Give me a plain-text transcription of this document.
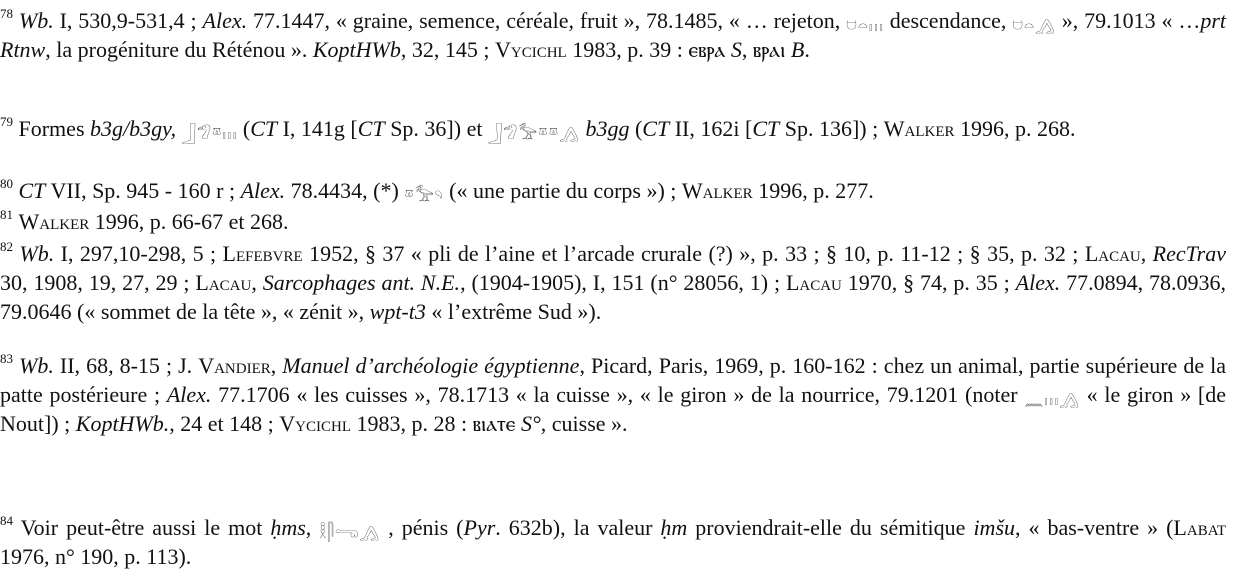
$^{78}$ Wb. I, 530,9-531,4 ; Alex. 77.1447, « graine, semence, céréale, fruit », 78.1485, « … rejeton, 𓈟𓏏𓏥 descendance, 𓈟𓏏𓂻 », 79.1013 « …prt Rtnw, la progéniture du Réténou ». KoptHWb, 32, 145 ; Vycichl 1983, p. 39 : ⲉⲃⲣⲁ S, ⲃⲣⲁⲓ B.

$^{79}$ Formes b3g/b3gy, 𓃀𓅿𓎼𓏥 (CT I, 141g [CT Sp. 36]) et 𓃀𓅿𓅡𓎼𓎼𓂻 b3gg (CT II, 162i [CT Sp. 136]) ; Walker 1996, p. 268.

$^{80}$ CT VII, Sp. 945 - 160 r ; Alex. 78.4434, (*) 𓎼𓅡𓄹 (« une partie du corps ») ; Walker 1996, p. 277.

$^{81}$ Walker 1996, p. 66-67 et 268.

$^{82}$ Wb. I, 297,10-298, 5 ; Lefebvre 1952, § 37 « pli de l’aine et l’arcade crurale (?) », p. 33 ; § 10, p. 11-12 ; § 35, p. 32 ; Lacau, RecTrav 30, 1908, 19, 27, 29 ; Lacau, Sarcophages ant. N.E., (1904-1905), I, 151 (n° 28056, 1) ; Lacau 1970, § 74, p. 35 ; Alex. 77.0894, 78.0936, 79.0646 (« sommet de la tête », « zénit », wpt-t3 « l’extrême Sud »).

$^{83}$ Wb. II, 68, 8-15 ; J. Vandier, Manuel d’archéologie égyptienne, Picard, Paris, 1969, p. 160-162 : chez un animal, partie supérieure de la patte postérieure ; Alex. 77.1706 « les cuisses », 78.1713 « la cuisse », « le giron » de la nourrice, 79.1201 (noter 𓈖𓏥𓂻 « le giron » [de Nout]) ; KoptHWb., 24 et 148 ; Vycichl 1983, p. 28 : ⲃⲓⲁⲧⲉ S°, cuisse ».

$^{84}$ Voir peut-être aussi le mot ḥms, 𓎛𓋴𓂸𓂻 , pénis (Pyr. 632b), la valeur ḥm proviendrait-elle du sémitique imšu, « bas-ventre » (Labat 1976, n° 190, p. 113).
